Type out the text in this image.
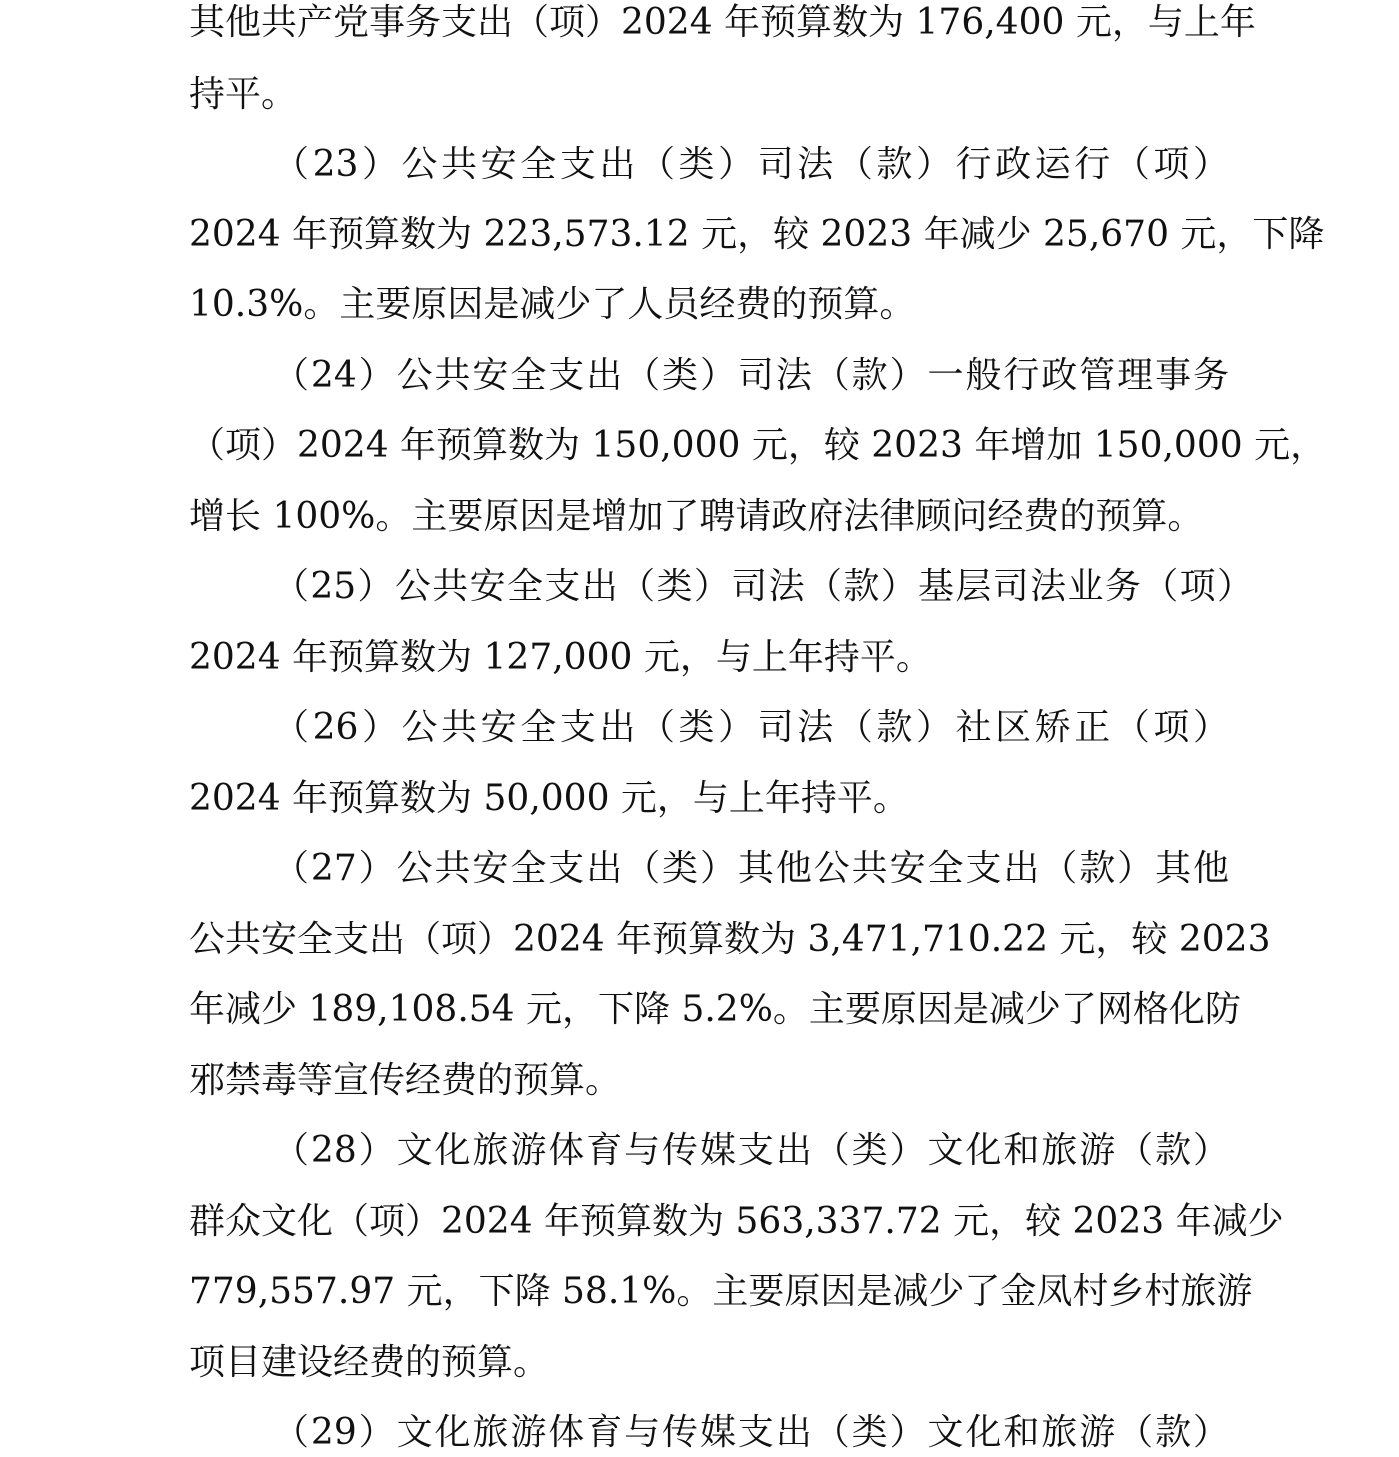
其他共产党事务支出（项）2024 年预算数为 176,400 元，与上年
持平。
（23）公共安全支出（类）司法（款）行政运行（项）
2024 年预算数为 223,573.12 元，较 2023 年减少 25,670 元，下降
10.3%。主要原因是减少了人员经费的预算。
（24）公共安全支出（类）司法（款）一般行政管理事务
（项）2024 年预算数为 150,000 元，较 2023 年增加 150,000 元，
增长 100%。主要原因是增加了聘请政府法律顾问经费的预算。
（25）公共安全支出（类）司法（款）基层司法业务（项）
2024 年预算数为 127,000 元，与上年持平。
（26）公共安全支出（类）司法（款）社区矫正（项）
2024 年预算数为 50,000 元，与上年持平。
（27）公共安全支出（类）其他公共安全支出（款）其他
公共安全支出（项）2024 年预算数为 3,471,710.22 元，较 2023
年减少 189,108.54 元，下降 5.2%。主要原因是减少了网格化防
邪禁毒等宣传经费的预算。
（28）文化旅游体育与传媒支出（类）文化和旅游（款）
群众文化（项）2024 年预算数为 563,337.72 元，较 2023 年减少
779,557.97 元，下降 58.1%。主要原因是减少了金凤村乡村旅游
项目建设经费的预算。
（29）文化旅游体育与传媒支出（类）文化和旅游（款）
